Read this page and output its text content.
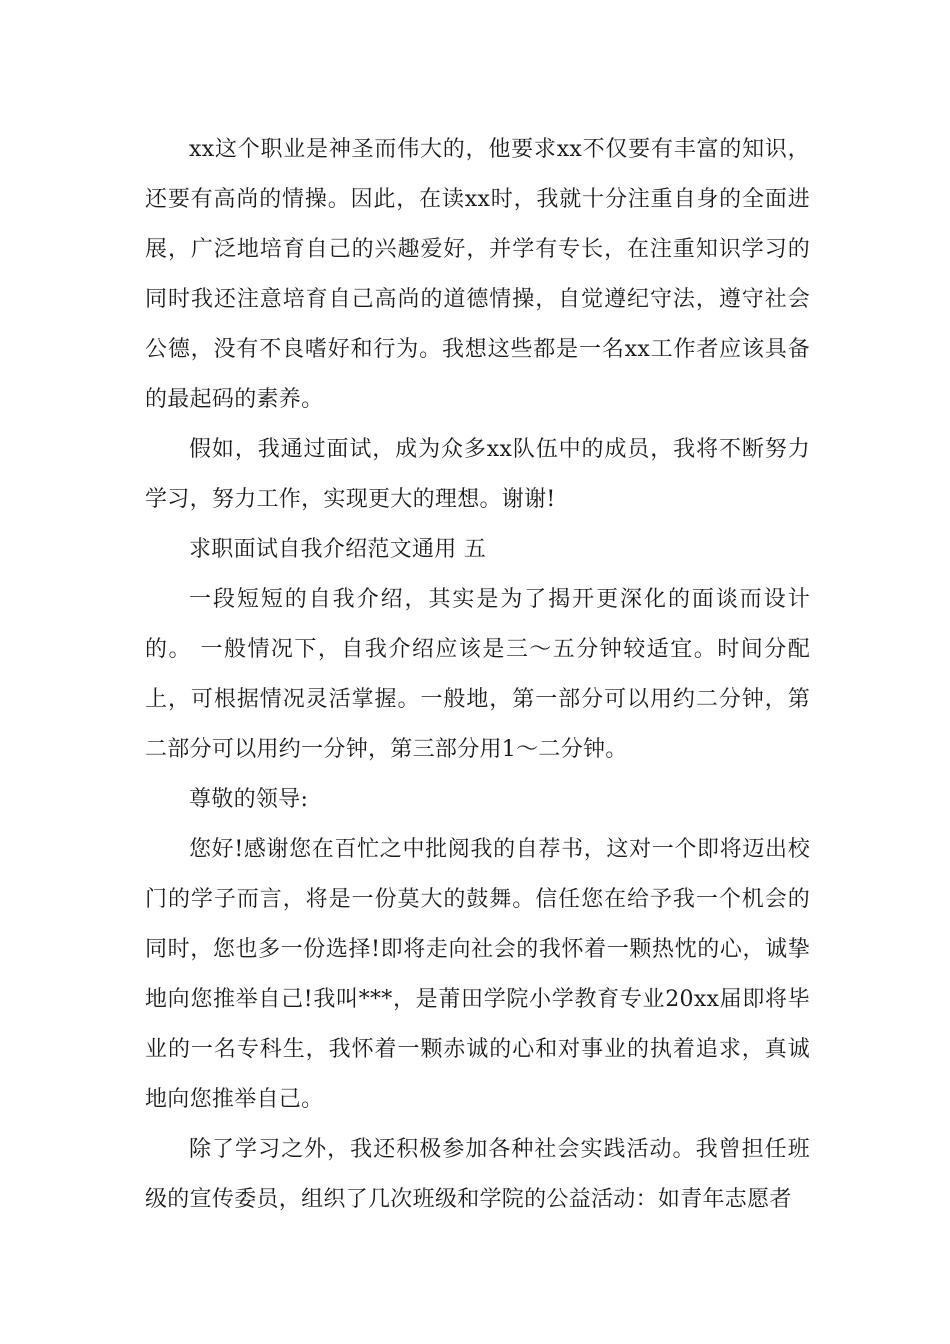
xx这个职业是神圣而伟大的，他要求xx不仅要有丰富的知识，还要有高尚的情操。因此，在读xx时，我就十分注重自身的全面进展，广泛地培育自己的兴趣爱好，并学有专长，在注重知识学习的同时我还注意培育自己高尚的道德情操，自觉遵纪守法，遵守社会公德，没有不良嗜好和行为。我想这些都是一名xx工作者应该具备的最起码的素养。

假如，我通过面试，成为众多xx队伍中的成员，我将不断努力学习，努力工作，实现更大的理想。谢谢!

求职面试自我介绍范文通用 五

一段短短的自我介绍，其实是为了揭开更深化的面谈而设计的。 一般情况下，自我介绍应该是三～五分钟较适宜。时间分配上，可根据情况灵活掌握。一般地，第一部分可以用约二分钟，第二部分可以用约一分钟，第三部分用1～二分钟。

尊敬的领导:

您好!感谢您在百忙之中批阅我的自荐书，这对一个即将迈出校门的学子而言，将是一份莫大的鼓舞。信任您在给予我一个机会的同时，您也多一份选择!即将走向社会的我怀着一颗热忱的心，诚挚地向您推举自己!我叫***，是莆田学院小学教育专业20xx届即将毕业的一名专科生，我怀着一颗赤诚的心和对事业的执着追求，真诚地向您推举自己。

除了学习之外，我还积极参加各种社会实践活动。我曾担任班级的宣传委员，组织了几次班级和学院的公益活动：如青年志愿者
